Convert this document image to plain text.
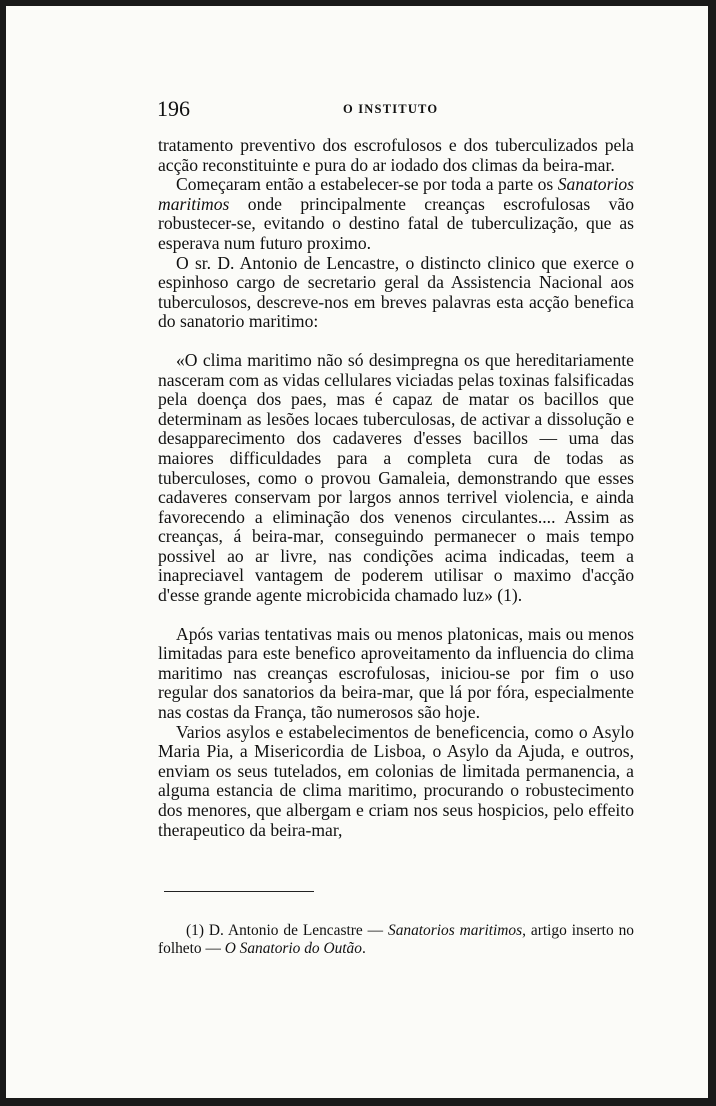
196	O INSTITUTO

tratamento preventivo dos escrofulosos e dos tuberculizados pela acção reconstituinte e pura do ar iodado dos climas da beira-mar.

Começaram então a estabelecer-se por toda a parte os Sanatorios maritimos onde principalmente creanças escrofulosas vão robustecer-se, evitando o destino fatal de tuberculização, que as esperava num futuro proximo.

O sr. D. Antonio de Lencastre, o distincto clinico que exerce o espinhoso cargo de secretario geral da Assistencia Nacional aos tuberculosos, descreve-nos em breves palavras esta acção benefica do sanatorio maritimo:

«O clima maritimo não só desimpregna os que hereditariamente nasceram com as vidas cellulares viciadas pelas toxinas falsificadas pela doença dos paes, mas é capaz de matar os bacillos que determinam as lesões locaes tuberculosas, de activar a dissolução e desapparecimento dos cadaveres d'esses bacillos — uma das maiores difficuldades para a completa cura de todas as tuberculoses, como o provou Gamaleia, demonstrando que esses cadaveres conservam por largos annos terrivel violencia, e ainda favorecendo a eliminação dos venenos circulantes.... Assim as creanças, á beira-mar, conseguindo permanecer o mais tempo possivel ao ar livre, nas condições acima indicadas, teem a inapreciavel vantagem de poderem utilisar o maximo d'acção d'esse grande agente microbicida chamado luz» (1).

Após varias tentativas mais ou menos platonicas, mais ou menos limitadas para este benefico aproveitamento da influencia do clima maritimo nas creanças escrofulosas, iniciou-se por fim o uso regular dos sanatorios da beira-mar, que lá por fóra, especialmente nas costas da França, tão numerosos são hoje.

Varios asylos e estabelecimentos de beneficencia, como o Asylo Maria Pia, a Misericordia de Lisboa, o Asylo da Ajuda, e outros, enviam os seus tutelados, em colonias de limitada permanencia, a alguma estancia de clima maritimo, procurando o robustecimento dos menores, que albergam e criam nos seus hospicios, pelo effeito therapeutico da beira-mar,

(1) D. Antonio de Lencastre — Sanatorios maritimos, artigo inserto no folheto — O Sanatorio do Outão.
